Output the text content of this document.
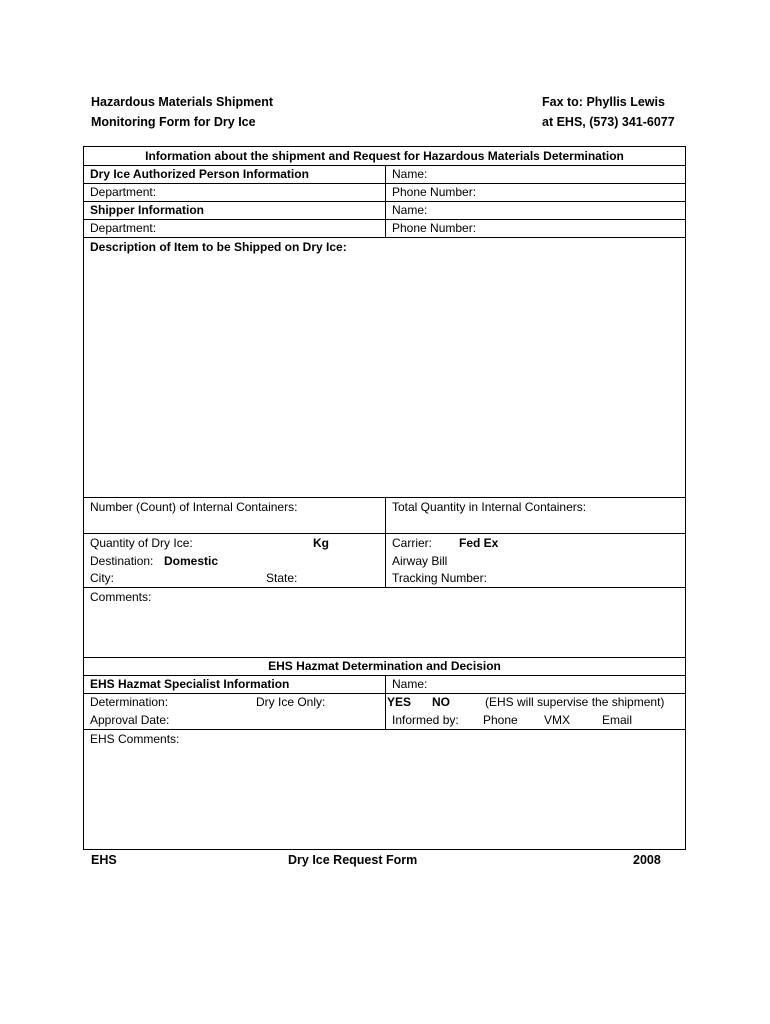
Hazardous Materials Shipment
Monitoring Form for Dry Ice
Fax to: Phyllis Lewis
at EHS, (573) 341-6077
Information about the shipment and Request for Hazardous Materials Determination
Dry Ice Authorized Person Information	Name:
Department:	Phone Number:
Shipper Information	Name:
Department:	Phone Number:
Description of Item to be Shipped on Dry Ice:
Number (Count) of Internal Containers:	Total Quantity in Internal Containers:
Quantity of Dry Ice:	Kg	Carrier: Fed Ex
Destination: Domestic	Airway Bill
City:	State:	Tracking Number:
Comments:
EHS Hazmat Determination and Decision
EHS Hazmat Specialist Information	Name:
Determination:	Dry Ice Only:	YES NO	(EHS will supervise the shipment)
Approval Date:	Informed by: Phone VMX	Email
EHS Comments:
EHS	Dry Ice Request Form	2008
